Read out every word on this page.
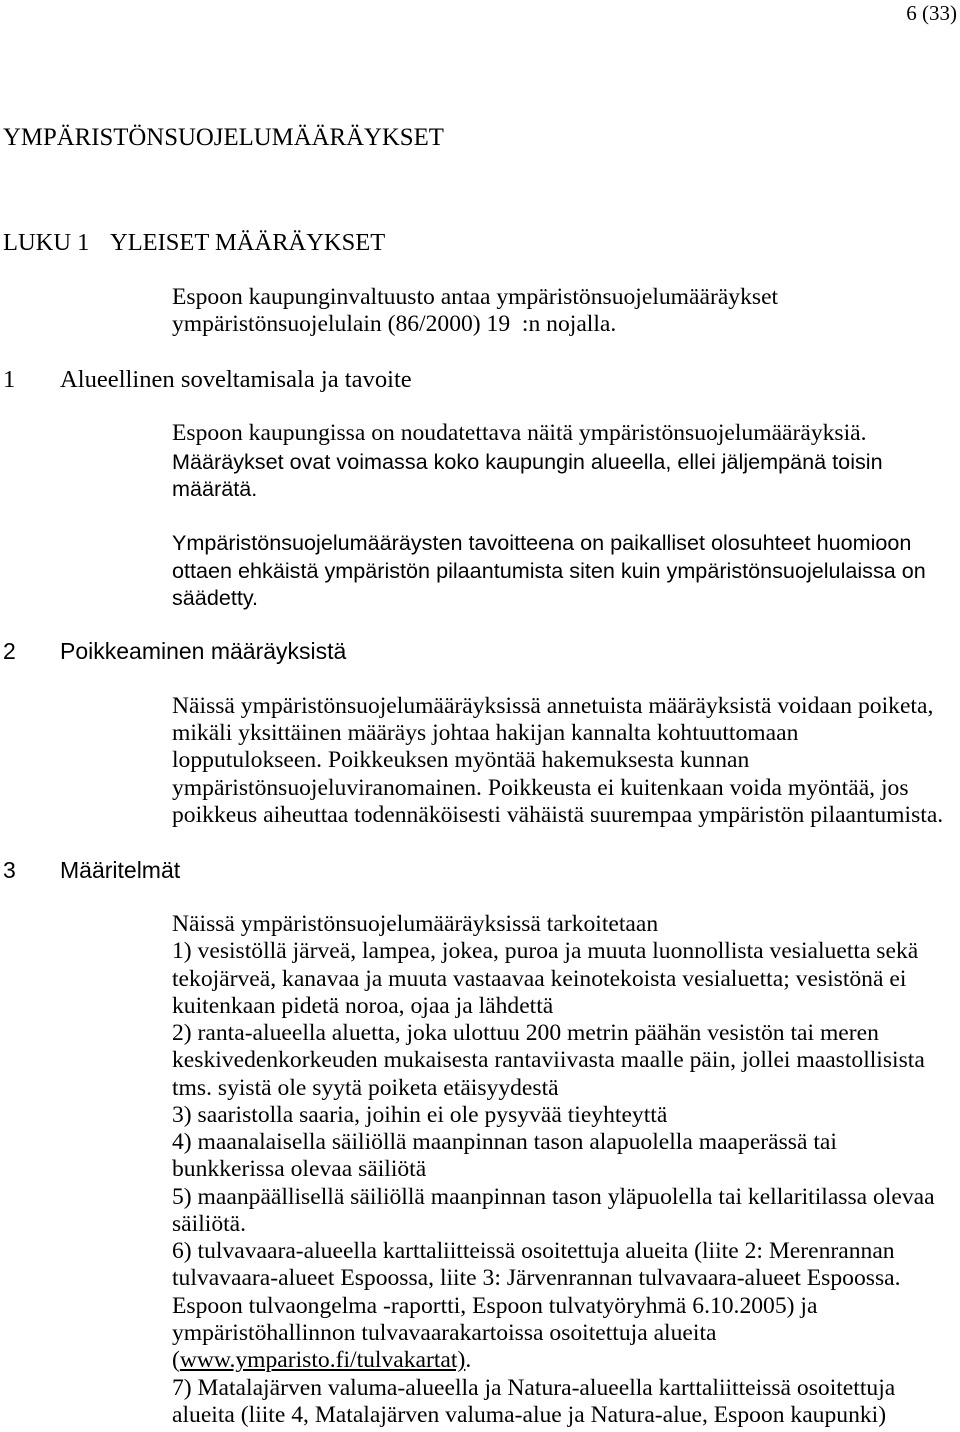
6 (33)
YMPÄRISTÖNSUOJELUMÄÄRÄYKSET

LUKU 1

YLEISET MÄÄRÄYKSET

Espoon kaupunginvaltuusto antaa ympäristönsuojelumääräykset
ympäristönsuojelulain (86/2000) 19  :n nojalla.

1

Alueellinen soveltamisala ja tavoite

Espoon kaupungissa on noudatettava näitä ympäristönsuojelumääräyksiä.
Määräykset ovat voimassa koko kaupungin alueella, ellei jäljempänä toisin
määrätä.
Ympäristönsuojelumääräysten tavoitteena on paikalliset olosuhteet huomioon
ottaen ehkäistä ympäristön pilaantumista siten kuin ympäristönsuojelulaissa on
säädetty.

2

Poikkeaminen määräyksistä

Näissä ympäristönsuojelumääräyksissä annetuista määräyksistä voidaan poiketa,
mikäli yksittäinen määräys johtaa hakijan kannalta kohtuuttomaan
lopputulokseen. Poikkeuksen myöntää hakemuksesta kunnan
ympäristönsuojeluviranomainen. Poikkeusta ei kuitenkaan voida myöntää, jos
poikkeus aiheuttaa todennäköisesti vähäistä suurempaa ympäristön pilaantumista.

3

Määritelmät

Näissä ympäristönsuojelumääräyksissä tarkoitetaan
1) vesistöllä järveä, lampea, jokea, puroa ja muuta luonnollista vesialuetta sekä
tekojärveä, kanavaa ja muuta vastaavaa keinotekoista vesialuetta; vesistönä ei
kuitenkaan pidetä noroa, ojaa ja lähdettä
2) ranta-alueella aluetta, joka ulottuu 200 metrin päähän vesistön tai meren
keskivedenkorkeuden mukaisesta rantaviivasta maalle päin, jollei maastollisista
tms. syistä ole syytä poiketa etäisyydestä
3) saaristolla saaria, joihin ei ole pysyvää tieyhteyttä
4) maanalaisella säiliöllä maanpinnan tason alapuolella maaperässä tai
bunkkerissa olevaa säiliötä
5) maanpäällisellä säiliöllä maanpinnan tason yläpuolella tai kellaritilassa olevaa
säiliötä.
6) tulvavaara-alueella karttaliitteissä osoitettuja alueita (liite 2: Merenrannan
tulvavaara-alueet Espoossa, liite 3: Järvenrannan tulvavaara-alueet Espoossa.
Espoon tulvaongelma -raportti, Espoon tulvatyöryhmä 6.10.2005) ja
ympäristöhallinnon tulvavaarakartoissa osoitettuja alueita
(www.ymparisto.fi/tulvakartat).
7) Matalajärven valuma-alueella ja Natura-alueella karttaliitteissä osoitettuja
alueita (liite 4, Matalajärven valuma-alue ja Natura-alue, Espoon kaupunki)
